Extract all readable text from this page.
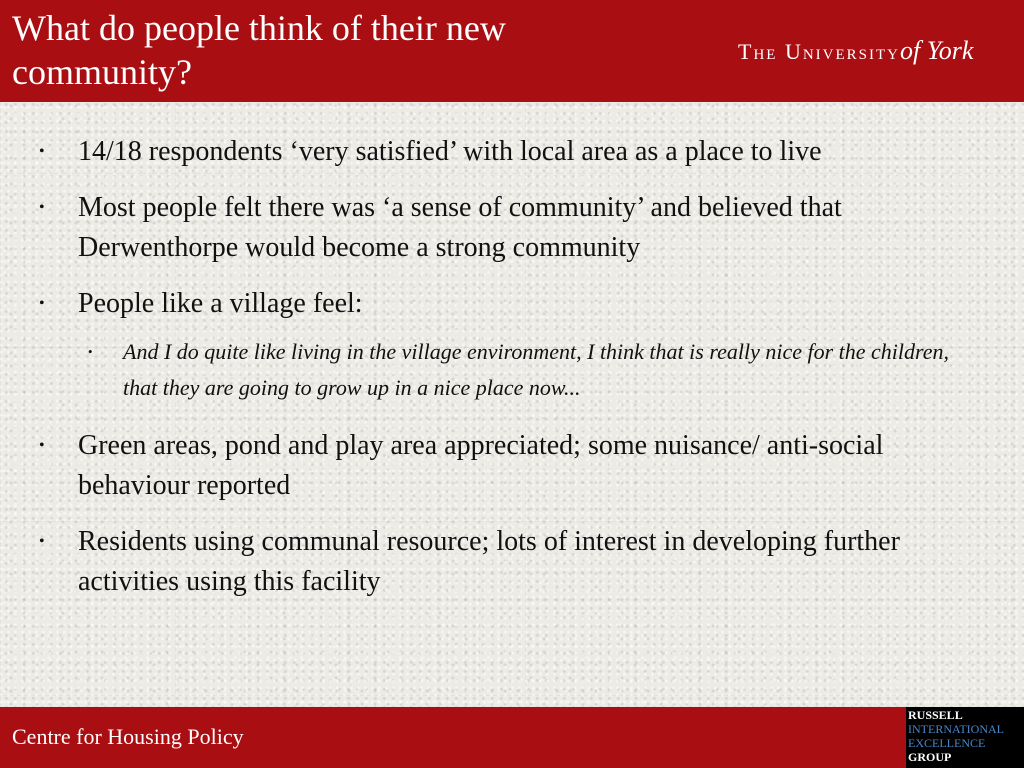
What do people think of their new community?
The Universityof York
• 14/18 respondents ‘very satisfied’ with local area as a place to live
• Most people felt there was ‘a sense of community’ and believed that Derwenthorpe would become a strong community
• People like a village feel:
• And I do quite like living in the village environment, I think that is really nice for the children, that they are going to grow up in a nice place now...
• Green areas, pond and play area appreciated; some nuisance/ anti-social behaviour reported
• Residents using communal resource; lots of interest in developing further activities using this facility
Centre for Housing Policy
RUSSELL
INTERNATIONAL
EXCELLENCE
GROUP
